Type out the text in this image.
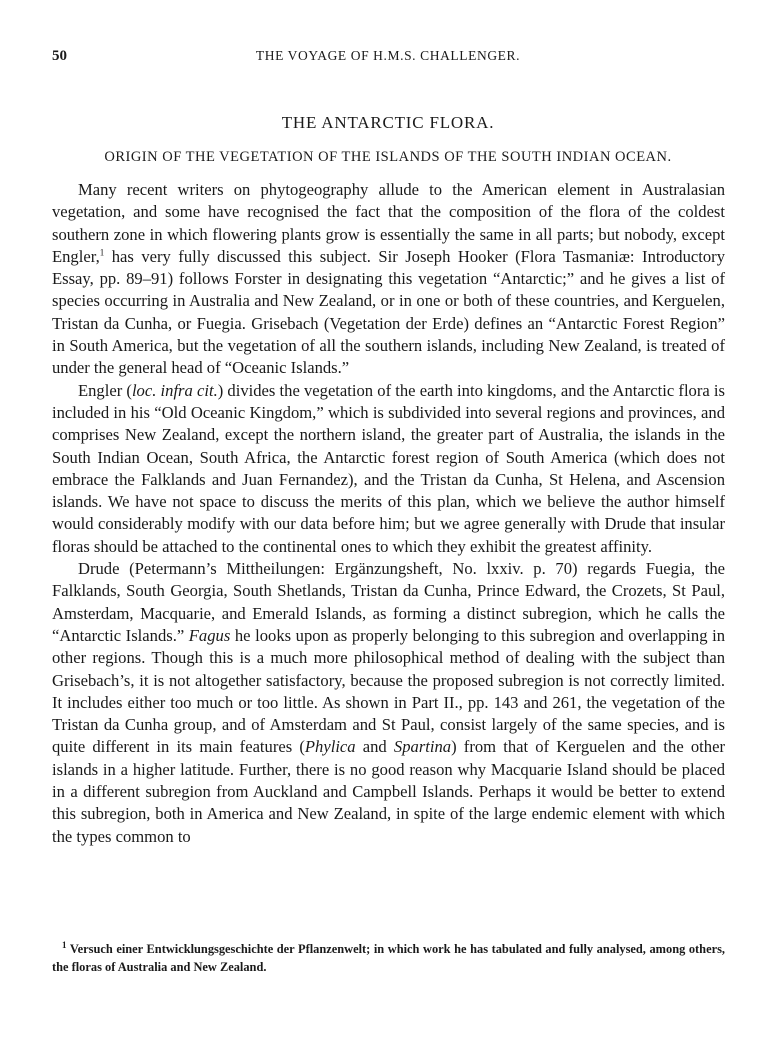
50	THE VOYAGE OF H.M.S. CHALLENGER.
THE ANTARCTIC FLORA.
ORIGIN OF THE VEGETATION OF THE ISLANDS OF THE SOUTH INDIAN OCEAN.

Many recent writers on phytogeography allude to the American element in Australasian vegetation, and some have recognised the fact that the composition of the flora of the coldest southern zone in which flowering plants grow is essentially the same in all parts; but nobody, except Engler,$^1$ has very fully discussed this subject. Sir Joseph Hooker (Flora Tasmaniæ: Introductory Essay, pp. 89–91) follows Forster in designating this vegetation “Antarctic;” and he gives a list of species occurring in Australia and New Zealand, or in one or both of these countries, and Kerguelen, Tristan da Cunha, or Fuegia. Grisebach (Vegetation der Erde) defines an “Antarctic Forest Region” in South America, but the vegetation of all the southern islands, including New Zealand, is treated of under the general head of “Oceanic Islands.”

Engler (loc. infra cit.) divides the vegetation of the earth into kingdoms, and the Antarctic flora is included in his “Old Oceanic Kingdom,” which is subdivided into several regions and provinces, and comprises New Zealand, except the northern island, the greater part of Australia, the islands in the South Indian Ocean, South Africa, the Antarctic forest region of South America (which does not embrace the Falklands and Juan Fernandez), and the Tristan da Cunha, St Helena, and Ascension islands. We have not space to discuss the merits of this plan, which we believe the author himself would considerably modify with our data before him; but we agree generally with Drude that insular floras should be attached to the continental ones to which they exhibit the greatest affinity.

Drude (Petermann’s Mittheilungen: Ergänzungsheft, No. lxxiv. p. 70) regards Fuegia, the Falklands, South Georgia, South Shetlands, Tristan da Cunha, Prince Edward, the Crozets, St Paul, Amsterdam, Macquarie, and Emerald Islands, as forming a distinct subregion, which he calls the “Antarctic Islands.” Fagus he looks upon as properly belonging to this subregion and overlapping in other regions. Though this is a much more philosophical method of dealing with the subject than Grisebach’s, it is not altogether satisfactory, because the proposed subregion is not correctly limited. It includes either too much or too little. As shown in Part II., pp. 143 and 261, the vegetation of the Tristan da Cunha group, and of Amsterdam and St Paul, consist largely of the same species, and is quite different in its main features (Phylica and Spartina) from that of Kerguelen and the other islands in a higher latitude. Further, there is no good reason why Macquarie Island should be placed in a different subregion from Auckland and Campbell Islands. Perhaps it would be better to extend this subregion, both in America and New Zealand, in spite of the large endemic element with which the types common to

$^1$ Versuch einer Entwicklungsgeschichte der Pflanzenwelt; in which work he has tabulated and fully analysed, among others, the floras of Australia and New Zealand.
